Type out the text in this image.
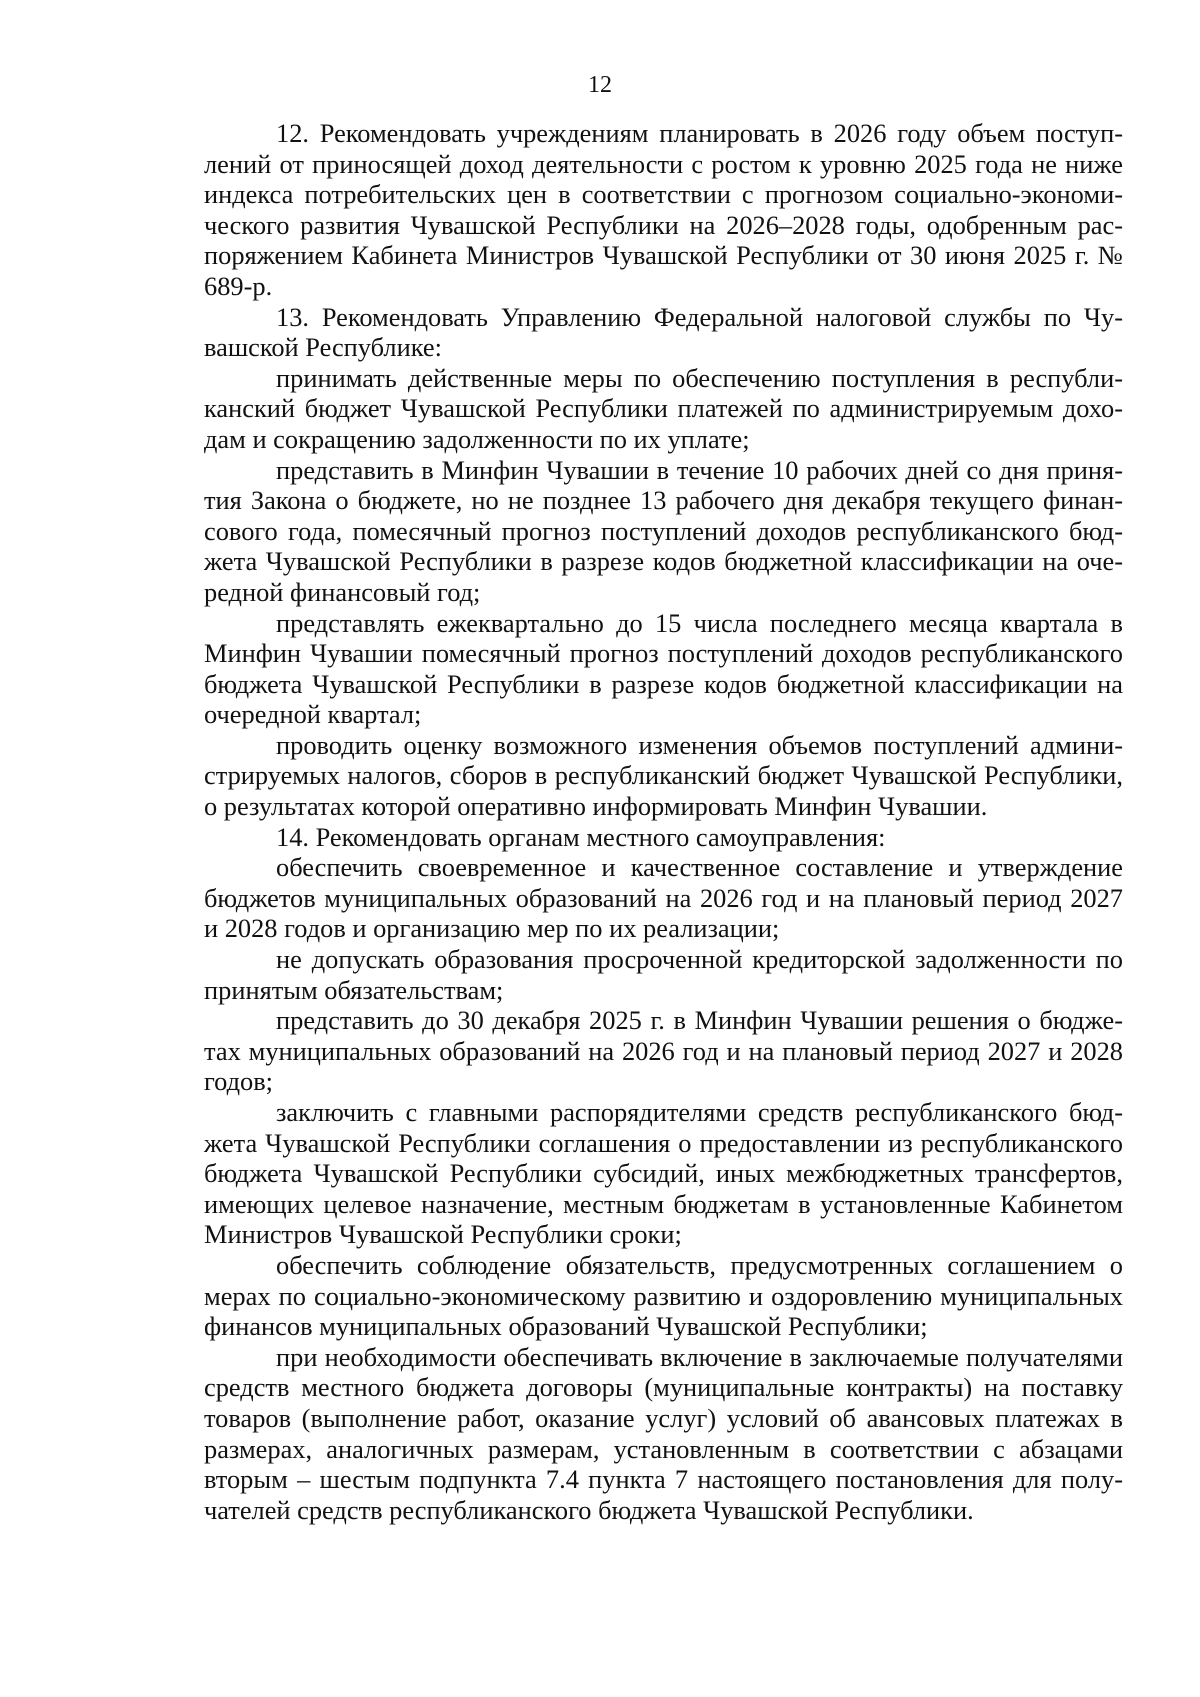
12

12. Рекомендовать учреждениям планировать в 2026 году объем поступлений от приносящей доход деятельности с ростом к уровню 2025 года не ниже индекса потребительских цен в соответствии с прогнозом социально-экономического развития Чувашской Республики на 2026–2028 годы, одобренным распоряжением Кабинета Министров Чувашской Республики от 30 июня 2025 г. № 689-р.

13. Рекомендовать Управлению Федеральной налоговой службы по Чувашской Республике:

принимать действенные меры по обеспечению поступления в республиканский бюджет Чувашской Республики платежей по администрируемым доходам и сокращению задолженности по их уплате;

представить в Минфин Чувашии в течение 10 рабочих дней со дня принятия Закона о бюджете, но не позднее 13 рабочего дня декабря текущего финансового года, помесячный прогноз поступлений доходов республиканского бюджета Чувашской Республики в разрезе кодов бюджетной классификации на очередной финансовый год;

представлять ежеквартально до 15 числа последнего месяца квартала в Минфин Чувашии помесячный прогноз поступлений доходов республиканского бюджета Чувашской Республики в разрезе кодов бюджетной классификации на очередной квартал;

проводить оценку возможного изменения объемов поступлений администрируемых налогов, сборов в республиканский бюджет Чувашской Республики, о результатах которой оперативно информировать Минфин Чувашии.

14. Рекомендовать органам местного самоуправления:

обеспечить своевременное и качественное составление и утверждение бюджетов муниципальных образований на 2026 год и на плановый период 2027 и 2028 годов и организацию мер по их реализации;

не допускать образования просроченной кредиторской задолженности по принятым обязательствам;

представить до 30 декабря 2025 г. в Минфин Чувашии решения о бюджетах муниципальных образований на 2026 год и на плановый период 2027 и 2028 годов;

заключить с главными распорядителями средств республиканского бюджета Чувашской Республики соглашения о предоставлении из республиканского бюджета Чувашской Республики субсидий, иных межбюджетных трансфертов, имеющих целевое назначение, местным бюджетам в установленные Кабинетом Министров Чувашской Республики сроки;

обеспечить соблюдение обязательств, предусмотренных соглашением о мерах по социально-экономическому развитию и оздоровлению муниципальных финансов муниципальных образований Чувашской Республики;

при необходимости обеспечивать включение в заключаемые получателями средств местного бюджета договоры (муниципальные контракты) на поставку товаров (выполнение работ, оказание услуг) условий об авансовых платежах в размерах, аналогичных размерам, установленным в соответствии с абзацами вторым – шестым подпункта 7.4 пункта 7 настоящего постановления для получателей средств республиканского бюджета Чувашской Республики.
